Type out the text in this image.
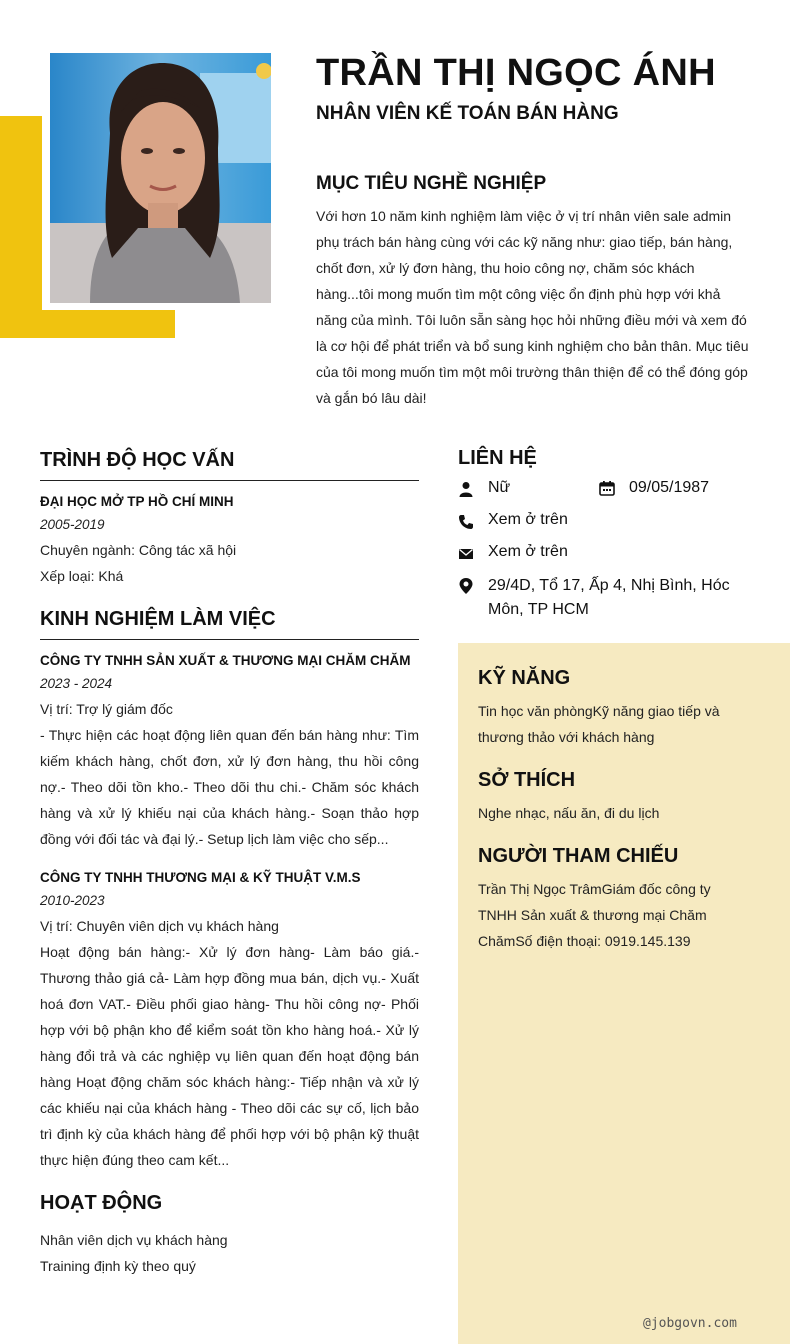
TRẦN THỊ NGỌC ÁNH
NHÂN VIÊN KẾ TOÁN BÁN HÀNG
MỤC TIÊU NGHỀ NGHIỆP
Với hơn 10 năm kinh nghiệm làm việc ở vị trí nhân viên sale admin phụ trách bán hàng cùng với các kỹ năng như: giao tiếp, bán hàng, chốt đơn, xử lý đơn hàng, thu hoio công nợ, chăm sóc khách hàng...tôi mong muốn tìm một công việc ổn định phù hợp với khả năng của mình. Tôi luôn sẵn sàng học hỏi những điều mới và xem đó là cơ hội để phát triển và bổ sung kinh nghiệm cho bản thân. Mục tiêu của tôi mong muốn tìm một môi trường thân thiện để có thể đóng góp và gắn bó lâu dài!
TRÌNH ĐỘ HỌC VẤN
ĐẠI HỌC MỞ TP HỒ CHÍ MINH
2005-2019
Chuyên ngành: Công tác xã hội
Xếp loại: Khá
KINH NGHIỆM LÀM VIỆC
CÔNG TY TNHH SẢN XUẤT & THƯƠNG MẠI CHĂM CHĂM
2023 - 2024
Vị trí: Trợ lý giám đốc
- Thực hiện các hoạt động liên quan đến bán hàng như: Tìm kiếm khách hàng, chốt đơn, xử lý đơn hàng, thu hồi công nợ.- Theo dõi tồn kho.- Theo dõi thu chi.- Chăm sóc khách hàng và xử lý khiếu nại của khách hàng.- Soạn thảo hợp đồng với đối tác và đại lý.- Setup lịch làm việc cho sếp...
CÔNG TY TNHH THƯƠNG MẠI & KỸ THUẬT V.M.S
2010-2023
Vị trí: Chuyên viên dịch vụ khách hàng
Hoạt động bán hàng:- Xử lý đơn hàng- Làm báo giá.- Thương thảo giá cả- Làm hợp đồng mua bán, dịch vụ.- Xuất hoá đơn VAT.- Điều phối giao hàng- Thu hồi công nợ- Phối hợp với bộ phận kho để kiểm soát tồn kho hàng hoá.- Xử lý hàng đổi trả và các nghiệp vụ liên quan đến hoạt động bán hàng Hoạt động chăm sóc khách hàng:- Tiếp nhận và xử lý các khiếu nại của khách hàng - Theo dõi các sự cố, lịch bảo trì định kỳ của khách hàng để phối hợp với bộ phận kỹ thuật thực hiện đúng theo cam kết...
HOẠT ĐỘNG
Nhân viên dịch vụ khách hàng
Training định kỳ theo quý
LIÊN HỆ
Nữ	09/05/1987
Xem ở trên
Xem ở trên
29/4D, Tổ 17, Ấp 4, Nhị Bình, Hóc Môn, TP HCM
KỸ NĂNG
Tin học văn phòngKỹ năng giao tiếp và thương thảo với khách hàng
SỞ THÍCH
Nghe nhạc, nấu ăn, đi du lịch
NGƯỜI THAM CHIẾU
Trần Thị Ngọc TrâmGiám đốc công ty TNHH Sản xuất & thương mại Chăm ChămSố điện thoại: 0919.145.139
@jobgovn.com
